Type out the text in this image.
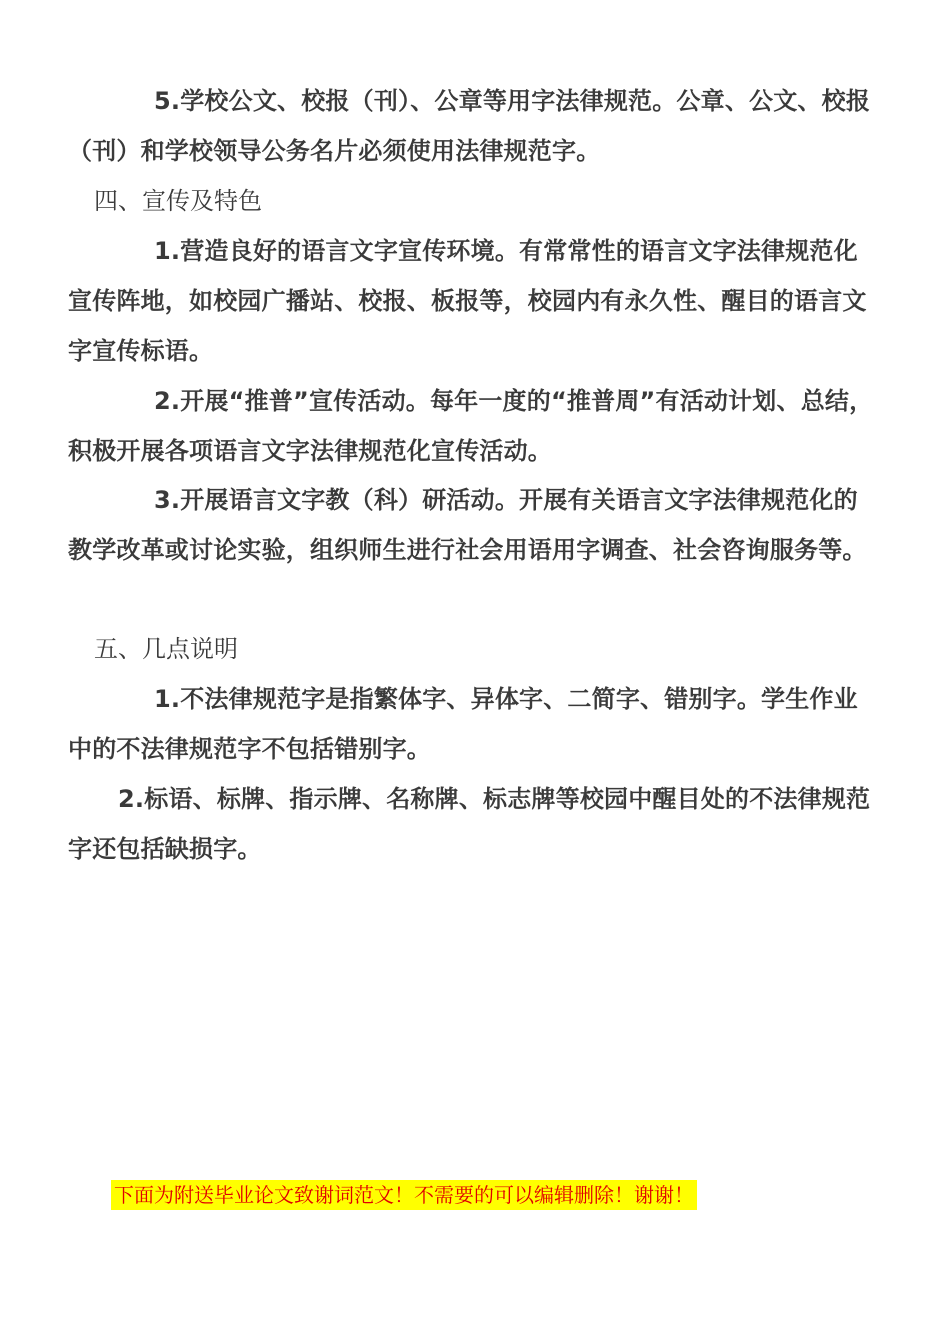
5.学校公文、校报（刊）、公章等用字法律规范。公章、公文、校报（刊）和学校领导公务名片必须使用法律规范字。

四、宣传及特色

1.营造良好的语言文字宣传环境。有常常性的语言文字法律规范化宣传阵地，如校园广播站、校报、板报等，校园内有永久性、醒目的语言文字宣传标语。

2.开展“推普”宣传活动。每年一度的“推普周”有活动计划、总结，积极开展各项语言文字法律规范化宣传活动。

3.开展语言文字教（科）研活动。开展有关语言文字法律规范化的教学改革或讨论实验，组织师生进行社会用语用字调查、社会咨询服务等。

五、几点说明

1.不法律规范字是指繁体字、异体字、二简字、错别字。学生作业中的不法律规范字不包括错别字。

2.标语、标牌、指示牌、名称牌、标志牌等校园中醒目处的不法律规范字还包括缺损字。

下面为附送毕业论文致谢词范文！不需要的可以编辑删除！谢谢！
